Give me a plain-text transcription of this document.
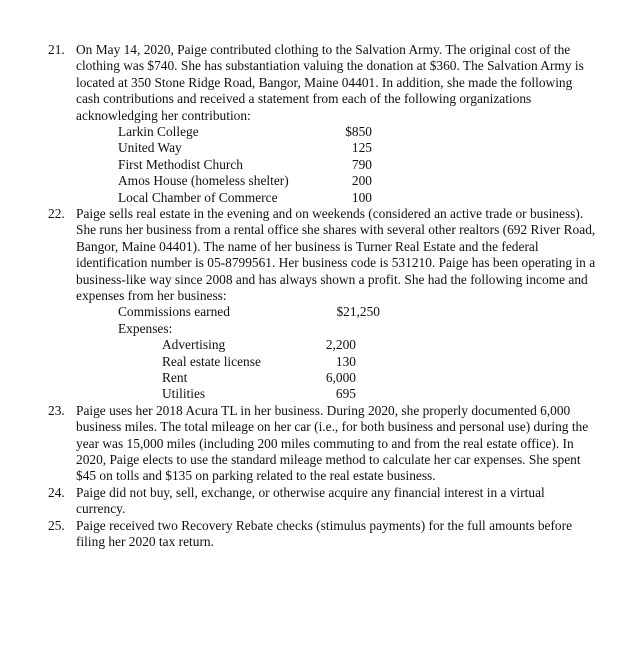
21. On May 14, 2020, Paige contributed clothing to the Salvation Army. The original cost of the clothing was $740. She has substantiation valuing the donation at $360. The Salvation Army is located at 350 Stone Ridge Road, Bangor, Maine 04401. In addition, she made the following cash contributions and received a statement from each of the following organizations acknowledging her contribution:
Larkin College	$850
United Way	125
First Methodist Church	790
Amos House (homeless shelter)	200
Local Chamber of Commerce	100
22. Paige sells real estate in the evening and on weekends (considered an active trade or business). She runs her business from a rental office she shares with several other realtors (692 River Road, Bangor, Maine 04401). The name of her business is Turner Real Estate and the federal identification number is 05-8799561. Her business code is 531210. Paige has been operating in a business-like way since 2008 and has always shown a profit. She had the following income and expenses from her business:
Commissions earned	$21,250
Expenses:
Advertising	2,200
Real estate license	130
Rent	6,000
Utilities	695
23. Paige uses her 2018 Acura TL in her business. During 2020, she properly documented 6,000 business miles. The total mileage on her car (i.e., for both business and personal use) during the year was 15,000 miles (including 200 miles commuting to and from the real estate office). In 2020, Paige elects to use the standard mileage method to calculate her car expenses. She spent $45 on tolls and $135 on parking related to the real estate business.
24. Paige did not buy, sell, exchange, or otherwise acquire any financial interest in a virtual currency.
25. Paige received two Recovery Rebate checks (stimulus payments) for the full amounts before filing her 2020 tax return.
